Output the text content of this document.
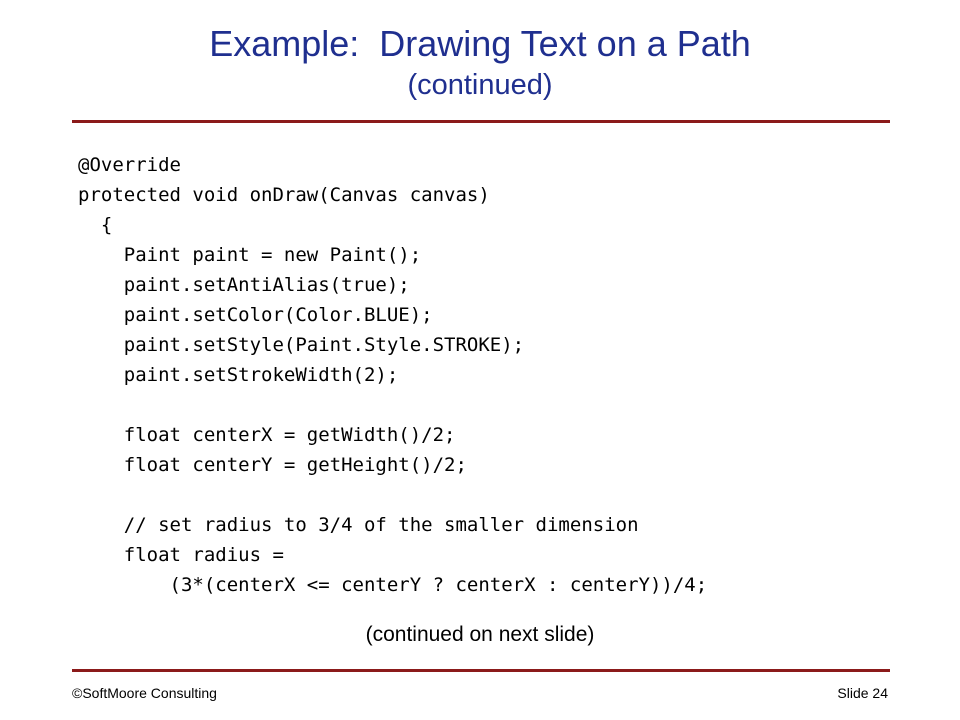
Example:  Drawing Text on a Path
(continued)
@Override
protected void onDraw(Canvas canvas)
{
Paint paint = new Paint();
paint.setAntiAlias(true);
paint.setColor(Color.BLUE);
paint.setStyle(Paint.Style.STROKE);
paint.setStrokeWidth(2);
float centerX = getWidth()/2;
float centerY = getHeight()/2;
// set radius to 3/4 of the smaller dimension
float radius =
(3*(centerX <= centerY ? centerX : centerY))/4;
(continued on next slide)
©SoftMoore Consulting	Slide 24
